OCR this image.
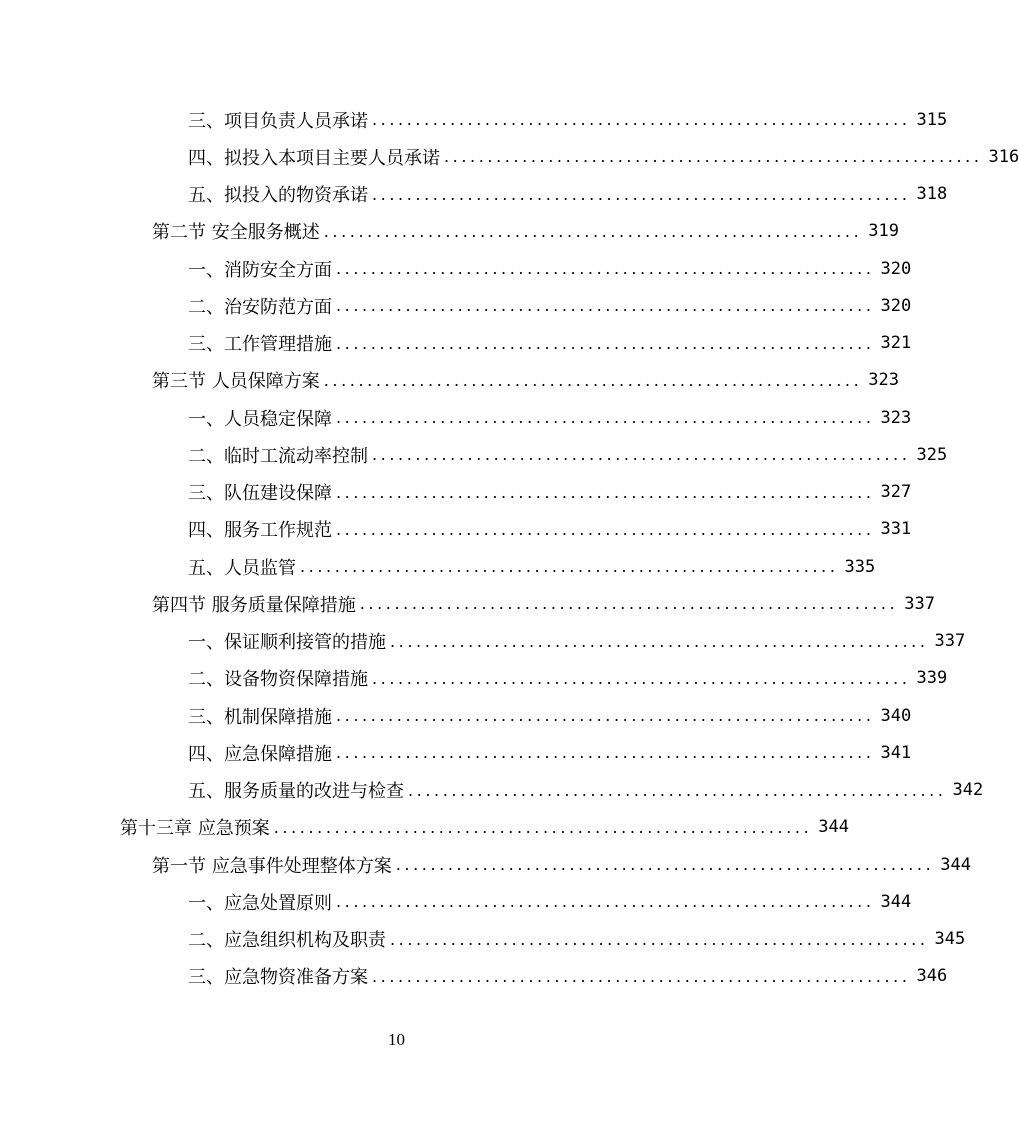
三、 项目负责人员承诺 .............................................................. 315
四、 拟投入本项目主要人员承诺 .............................................................. 316
五、 拟投入的物资承诺 .............................................................. 318
第二节 安全服务概述 .............................................................. 319
一、 消防安全方面 .............................................................. 320
二、 治安防范方面 .............................................................. 320
三、 工作管理措施 .............................................................. 321
第三节 人员保障方案 .............................................................. 323
一、 人员稳定保障 .............................................................. 323
二、 临时工流动率控制 .............................................................. 325
三、 队伍建设保障 .............................................................. 327
四、 服务工作规范 .............................................................. 331
五、 人员监管 .............................................................. 335
第四节 服务质量保障措施 .............................................................. 337
一、 保证顺利接管的措施 .............................................................. 337
二、 设备物资保障措施 .............................................................. 339
三、 机制保障措施 .............................................................. 340
四、 应急保障措施 .............................................................. 341
五、 服务质量的改进与检查 .............................................................. 342
第十三章 应急预案 .............................................................. 344
第一节 应急事件处理整体方案 .............................................................. 344
一、 应急处置原则 .............................................................. 344
二、 应急组织机构及职责 .............................................................. 345
三、 应急物资准备方案 .............................................................. 346
10
